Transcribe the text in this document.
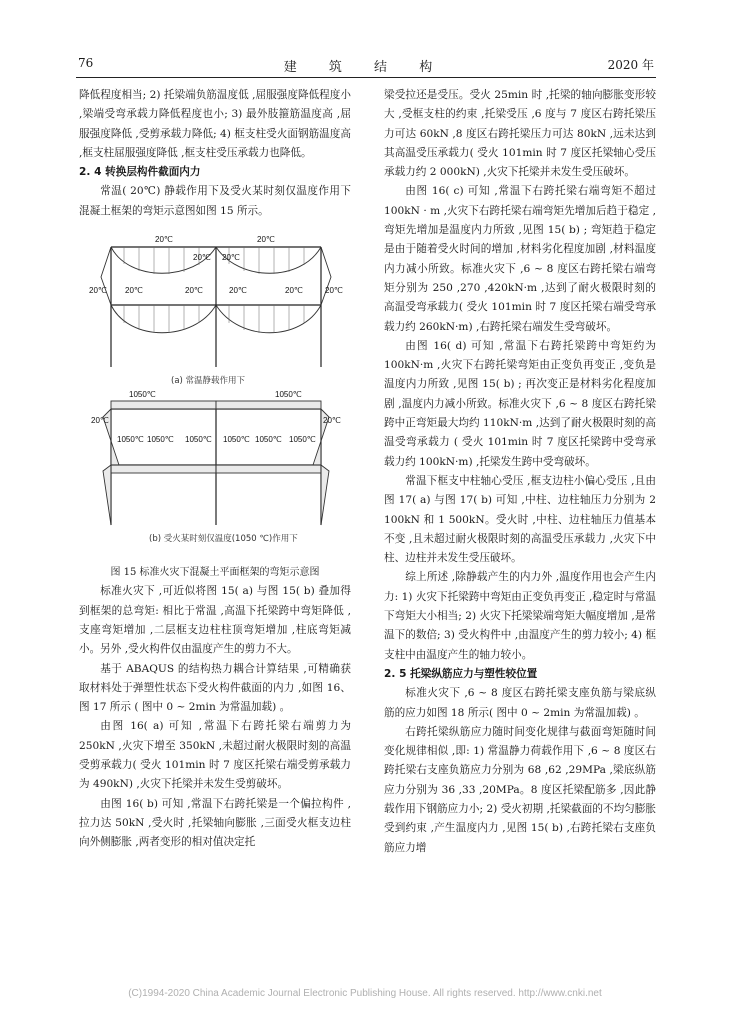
76	建 筑 结 构	2020 年

降低程度相当; 2) 托梁端负筋温度低 ,屈服强度降低程度小 ,梁端受弯承载力降低程度也小; 3) 最外肢箍筋温度高 ,屈服强度降低 ,受剪承载力降低; 4) 框支柱受火面钢筋温度高 ,框支柱屈服强度降低 ,框支柱受压承载力也降低。

2. 4 转换层构件截面内力

常温( 20℃) 静载作用下及受火某时刻仅温度作用下混凝土框架的弯矩示意图如图 15 所示。

20℃	20℃
20℃ 20℃
20℃ 20℃	20℃	20℃	20℃	20℃
(a) 常温静载作用下
1050℃	1050℃
20℃	20℃
1050℃ 1050℃ 1050℃ 1050℃ 1050℃ 1050℃
(b) 受火某时刻仅温度(1050 ℃)作用下

图 15 标准火灾下混凝土平面框架的弯矩示意图

标准火灾下 ,可近似将图 15( a) 与图 15( b) 叠加得到框架的总弯矩: 相比于常温 ,高温下托梁跨中弯矩降低 ,支座弯矩增加 ,二层框支边柱柱顶弯矩增加 ,柱底弯矩减小。另外 ,受火构件仅由温度产生的剪力不大。

基于 ABAQUS 的结构热力耦合计算结果 ,可精确获取材料处于弹塑性状态下受火构件截面的内力 ,如图 16、图 17 所示 ( 图中 0 ~ 2min 为常温加载) 。

由图 16( a) 可知 ,常温下右跨托梁右端剪力为 250kN ,火灾下增至 350kN ,未超过耐火极限时刻的高温受剪承载力( 受火 101min 时 7 度区托梁右端受剪承载力为 490kN) ,火灾下托梁并未发生受剪破坏。

由图 16( b) 可知 ,常温下右跨托梁是一个偏拉构件 ,拉力达 50kN ,受火时 ,托梁轴向膨胀 ,三面受火框支边柱向外侧膨胀 ,两者变形的相对值决定托

梁受拉还是受压。受火 25min 时 ,托梁的轴向膨胀变形较大 ,受框支柱的约束 ,托梁受压 ,6 度与 7 度区右跨托梁压力可达 60kN ,8 度区右跨托梁压力可达 80kN ,远未达到其高温受压承载力( 受火 101min 时 7 度区托梁轴心受压承载力约 2 000kN) ,火灾下托梁并未发生受压破坏。

由图 16( c) 可知 ,常温下右跨托梁右端弯矩不超过 100kN · m ,火灾下右跨托梁右端弯矩先增加后趋于稳定 ,弯矩先增加是温度内力所致 ,见图 15( b) ; 弯矩趋于稳定是由于随着受火时间的增加 ,材料劣化程度加剧 ,材料温度内力减小所致。标准火灾下 ,6 ~ 8 度区右跨托梁右端弯矩分别为 250 ,270 ,420kN·m ,达到了耐火极限时刻的高温受弯承载力( 受火 101min 时 7 度区托梁右端受弯承载力约 260kN·m) ,右跨托梁右端发生受弯破坏。

由图 16( d) 可知 ,常温下右跨托梁跨中弯矩约为 100kN·m ,火灾下右跨托梁弯矩由正变负再变正 ,变负是温度内力所致 ,见图 15( b) ; 再次变正是材料劣化程度加剧 ,温度内力减小所致。标准火灾下 ,6 ~ 8 度区右跨托梁跨中正弯矩最大均约 110kN·m ,达到了耐火极限时刻的高温受弯承载力 ( 受火 101min 时 7 度区托梁跨中受弯承载力约 100kN·m) ,托梁发生跨中受弯破坏。

常温下框支中柱轴心受压 ,框支边柱小偏心受压 ,且由图 17( a) 与图 17( b) 可知 ,中柱、边柱轴压力分别为 2 100kN 和 1 500kN。受火时 ,中柱、边柱轴压力值基本不变 ,且未超过耐火极限时刻的高温受压承载力 ,火灾下中柱、边柱并未发生受压破坏。

综上所述 ,除静载产生的内力外 ,温度作用也会产生内力: 1) 火灾下托梁跨中弯矩由正变负再变正 ,稳定时与常温下弯矩大小相当; 2) 火灾下托梁梁端弯矩大幅度增加 ,是常温下的数倍; 3) 受火构件中 ,由温度产生的剪力较小; 4) 框支柱中由温度产生的轴力较小。

2. 5 托梁纵筋应力与塑性较位置

标准火灾下 ,6 ~ 8 度区右跨托梁支座负筋与梁底纵筋的应力如图 18 所示( 图中 0 ~ 2min 为常温加载) 。

右跨托梁纵筋应力随时间变化规律与截面弯矩随时间变化规律相似 ,即: 1) 常温静力荷载作用下 ,6 ~ 8 度区右跨托梁右支座负筋应力分别为 68 ,62 ,29MPa ,梁底纵筋应力分别为 36 ,33 ,20MPa。8 度区托梁配筋多 ,因此静载作用下钢筋应力小; 2) 受火初期 ,托梁截面的不均匀膨胀受到约束 ,产生温度内力 ,见图 15( b) ,右跨托梁右支座负筋应力增

(C)1994-2020 China Academic Journal Electronic Publishing House. All rights reserved. http://www.cnki.net
